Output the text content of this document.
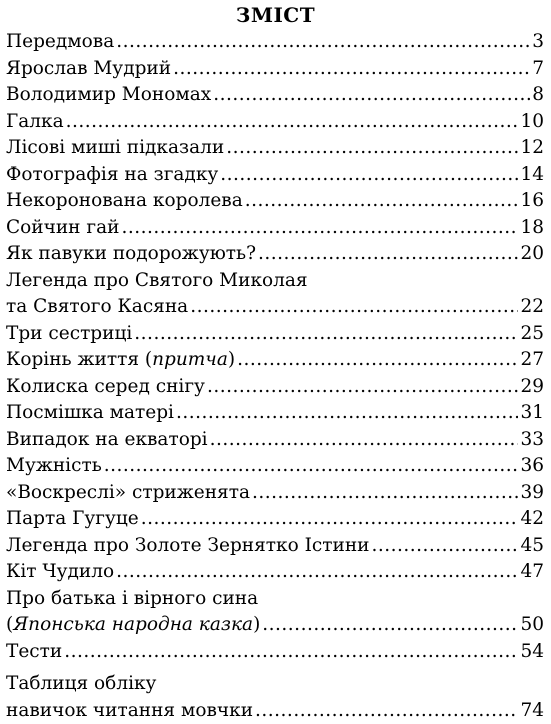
ЗМІСТ
Передмова .....	3
Ярослав Мудрий .....	7
Володимир Мономах .....	8
Галка .....	10
Лісові миші підказали .....	12
Фотографія на згадку .....	14
Некоронована королева .....	16
Сойчин гай .....	18
Як павуки подорожують? .....	20
Легенда про Святого Миколая
та Святого Касяна .....	22
Три сестриці .....	25
Корінь життя (притча) .....	27
Колиска серед снігу .....	29
Посмішка матері .....	31
Випадок на екваторі .....	33
Мужність .....	36
«Воскреслі» стриженята .....	39
Парта Гугуце .....	42
Легенда про Золоте Зернятко Істини .....	45
Кіт Чудило .....	47
Про батька і вірного сина
(Японська народна казка) .....	50
Тести .....	54
Таблиця обліку
навичок читання мовчки .....	74
